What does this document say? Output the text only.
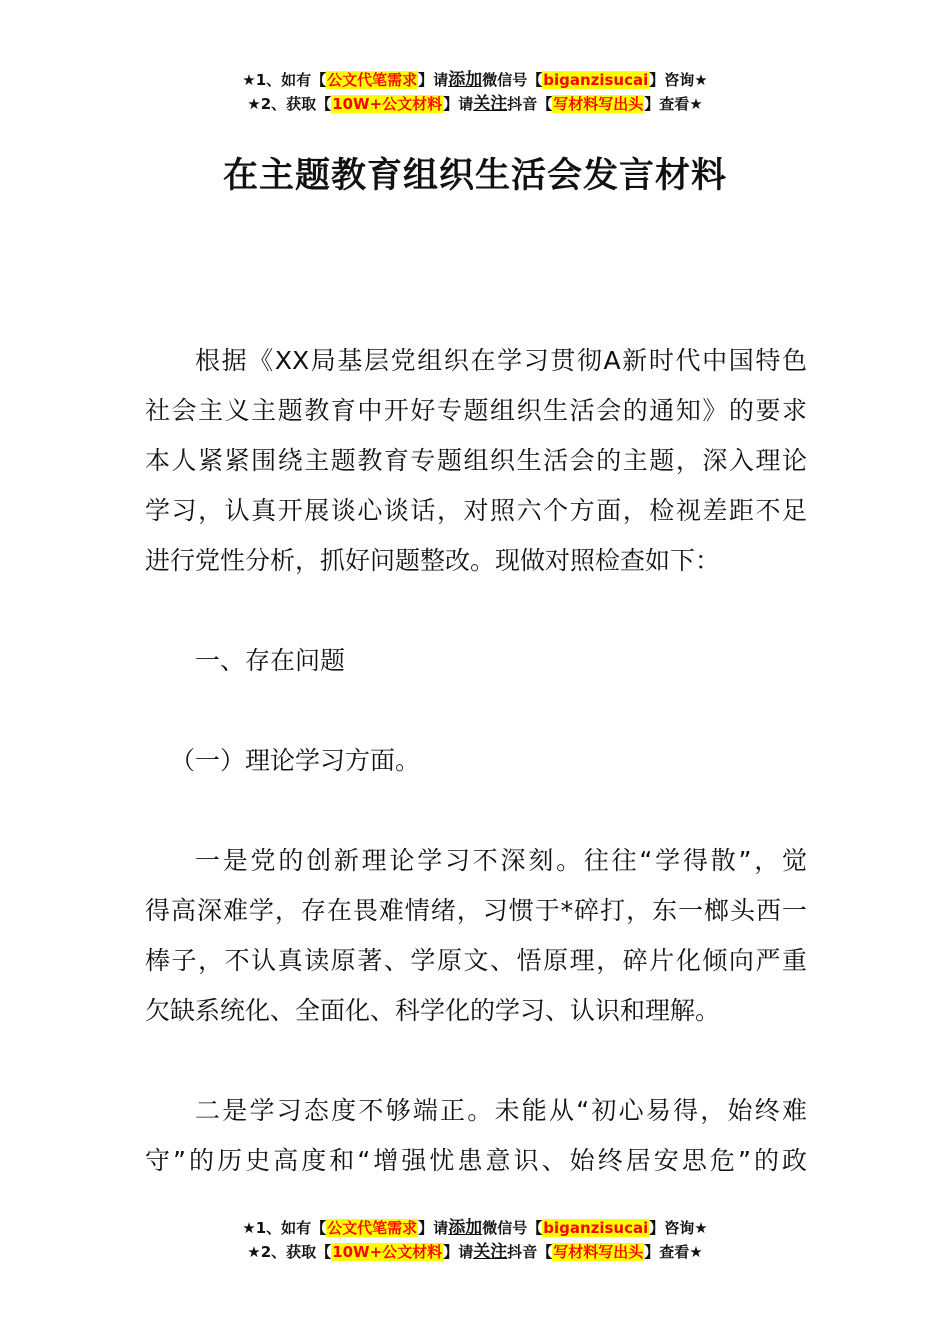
★1、如有【公文代笔需求】请添加微信号【biganzisucai】咨询★
★2、获取【10W+公文材料】请关注抖音【写材料写出头】查看★
在主题教育组织生活会发言材料
根据《XX局基层党组织在学习贯彻A新时代中国特色
社会主义主题教育中开好专题组织生活会的通知》的要求
本人紧紧围绕主题教育专题组织生活会的主题，深入理论
学习，认真开展谈心谈话，对照六个方面，检视差距不足
进行党性分析，抓好问题整改。现做对照检查如下：
一、存在问题
（一）理论学习方面。
一是党的创新理论学习不深刻。往往“学得散”，觉
得高深难学，存在畏难情绪，习惯于*碎打，东一榔头西一
棒子，不认真读原著、学原文、悟原理，碎片化倾向严重
欠缺系统化、全面化、科学化的学习、认识和理解。
二是学习态度不够端正。未能从“初心易得，始终难
守”的历史高度和“增强忧患意识、始终居安思危”的政
★1、如有【公文代笔需求】请添加微信号【biganzisucai】咨询★
★2、获取【10W+公文材料】请关注抖音【写材料写出头】查看★
